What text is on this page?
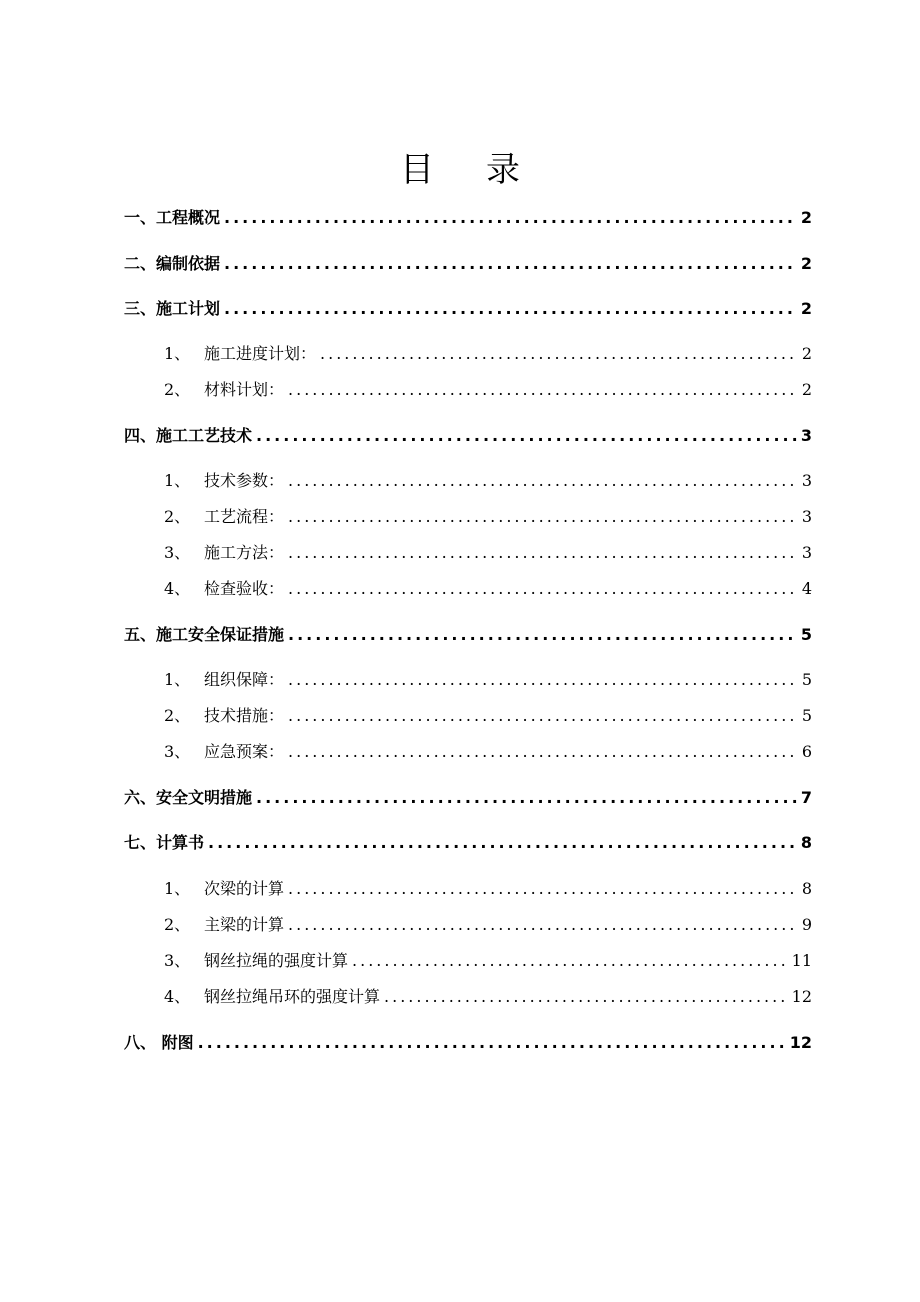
目 录
一、工程概况 .....	2
二、编制依据 .....	2
三、施工计划 .....	2
1、 施工进度计划： .....	2
2、 材料计划： .....	2
四、施工工艺技术 .....	3
1、 技术参数： .....	3
2、 工艺流程： .....	3
3、 施工方法： .....	3
4、 检查验收： .....	4
五、施工安全保证措施 .....	5
1、 组织保障： .....	5
2、 技术措施： .....	5
3、 应急预案： .....	6
六、安全文明措施 .....	7
七、计算书 .....	8
1、 次梁的计算 .....	8
2、 主梁的计算 .....	9
3、 钢丝拉绳的强度计算 .....	11
4、 钢丝拉绳吊环的强度计算 .....	12
八、 附图 .....	12
